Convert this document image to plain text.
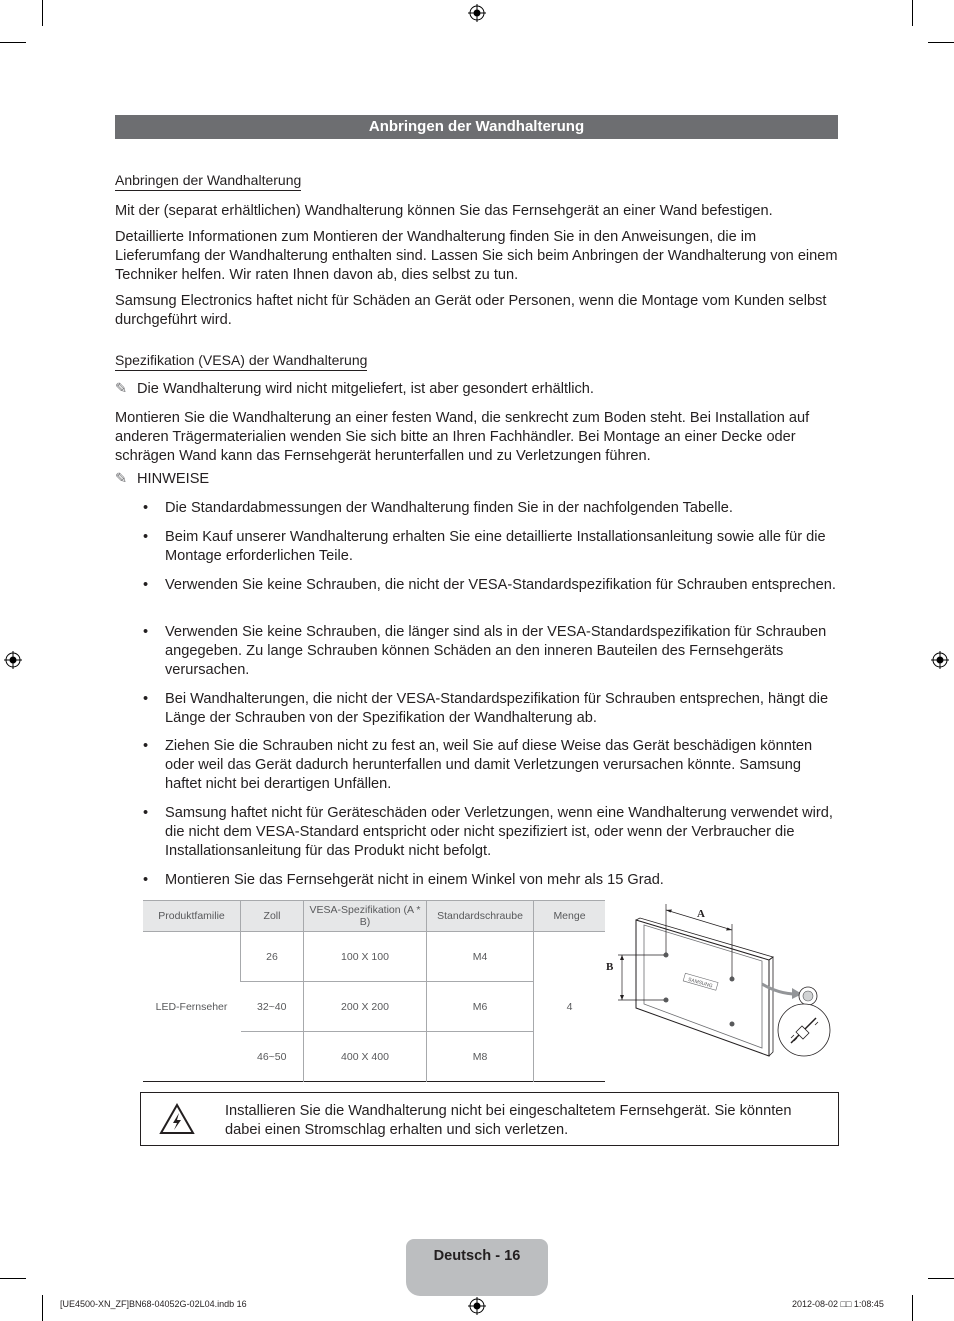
Anbringen der Wandhalterung
Anbringen der Wandhalterung
Mit der (separat erhältlichen) Wandhalterung können Sie das Fernsehgerät an einer Wand befestigen.
Detaillierte Informationen zum Montieren der Wandhalterung finden Sie in den Anweisungen, die im Lieferumfang der Wandhalterung enthalten sind. Lassen Sie sich beim Anbringen der Wandhalterung von einem Techniker helfen. Wir raten Ihnen davon ab, dies selbst zu tun.
Samsung Electronics haftet nicht für Schäden an Gerät oder Personen, wenn die Montage vom Kunden selbst durchgeführt wird.
Spezifikation (VESA) der Wandhalterung
✎ Die Wandhalterung wird nicht mitgeliefert, ist aber gesondert erhältlich.
Montieren Sie die Wandhalterung an einer festen Wand, die senkrecht zum Boden steht. Bei Installation auf anderen Trägermaterialien wenden Sie sich bitte an Ihren Fachhändler. Bei Montage an einer Decke oder schrägen Wand kann das Fernsehgerät herunterfallen und zu Verletzungen führen.
✎ HINWEISE
• Die Standardabmessungen der Wandhalterung finden Sie in der nachfolgenden Tabelle.
• Beim Kauf unserer Wandhalterung erhalten Sie eine detaillierte Installationsanleitung sowie alle für die Montage erforderlichen Teile.
• Verwenden Sie keine Schrauben, die nicht der VESA-Standardspezifikation für Schrauben entsprechen.
• Verwenden Sie keine Schrauben, die länger sind als in der VESA-Standardspezifikation für Schrauben angegeben. Zu lange Schrauben können Schäden an den inneren Bauteilen des Fernsehgeräts verursachen.
• Bei Wandhalterungen, die nicht der VESA-Standardspezifikation für Schrauben entsprechen, hängt die Länge der Schrauben von der Spezifikation der Wandhalterung ab.
• Ziehen Sie die Schrauben nicht zu fest an, weil Sie auf diese Weise das Gerät beschädigen könnten oder weil das Gerät dadurch herunterfallen und damit Verletzungen verursachen könnte. Samsung haftet nicht bei derartigen Unfällen.
• Samsung haftet nicht für Geräteschäden oder Verletzungen, wenn eine Wandhalterung verwendet wird, die nicht dem VESA-Standard entspricht oder nicht spezifiziert ist, oder wenn der Verbraucher die Installationsanleitung für das Produkt nicht befolgt.
• Montieren Sie das Fernsehgerät nicht in einem Winkel von mehr als 15 Grad.
Produktfamilie	Zoll	VESA-Spezifikation (A * B)	Standardschraube	Menge
LED-Fernseher	26	100 X 100	M4	4
	32~40	200 X 200	M6	
	46~50	400 X 400	M8	
SAMSUNG
A
B
Installieren Sie die Wandhalterung nicht bei eingeschaltetem Fernsehgerät. Sie könnten dabei einen Stromschlag erhalten und sich verletzen.
Deutsch - 16
[UE4500-XN_ZF]BN68-04052G-02L04.indb 16	2012-08-02 □□ 1:08:45
